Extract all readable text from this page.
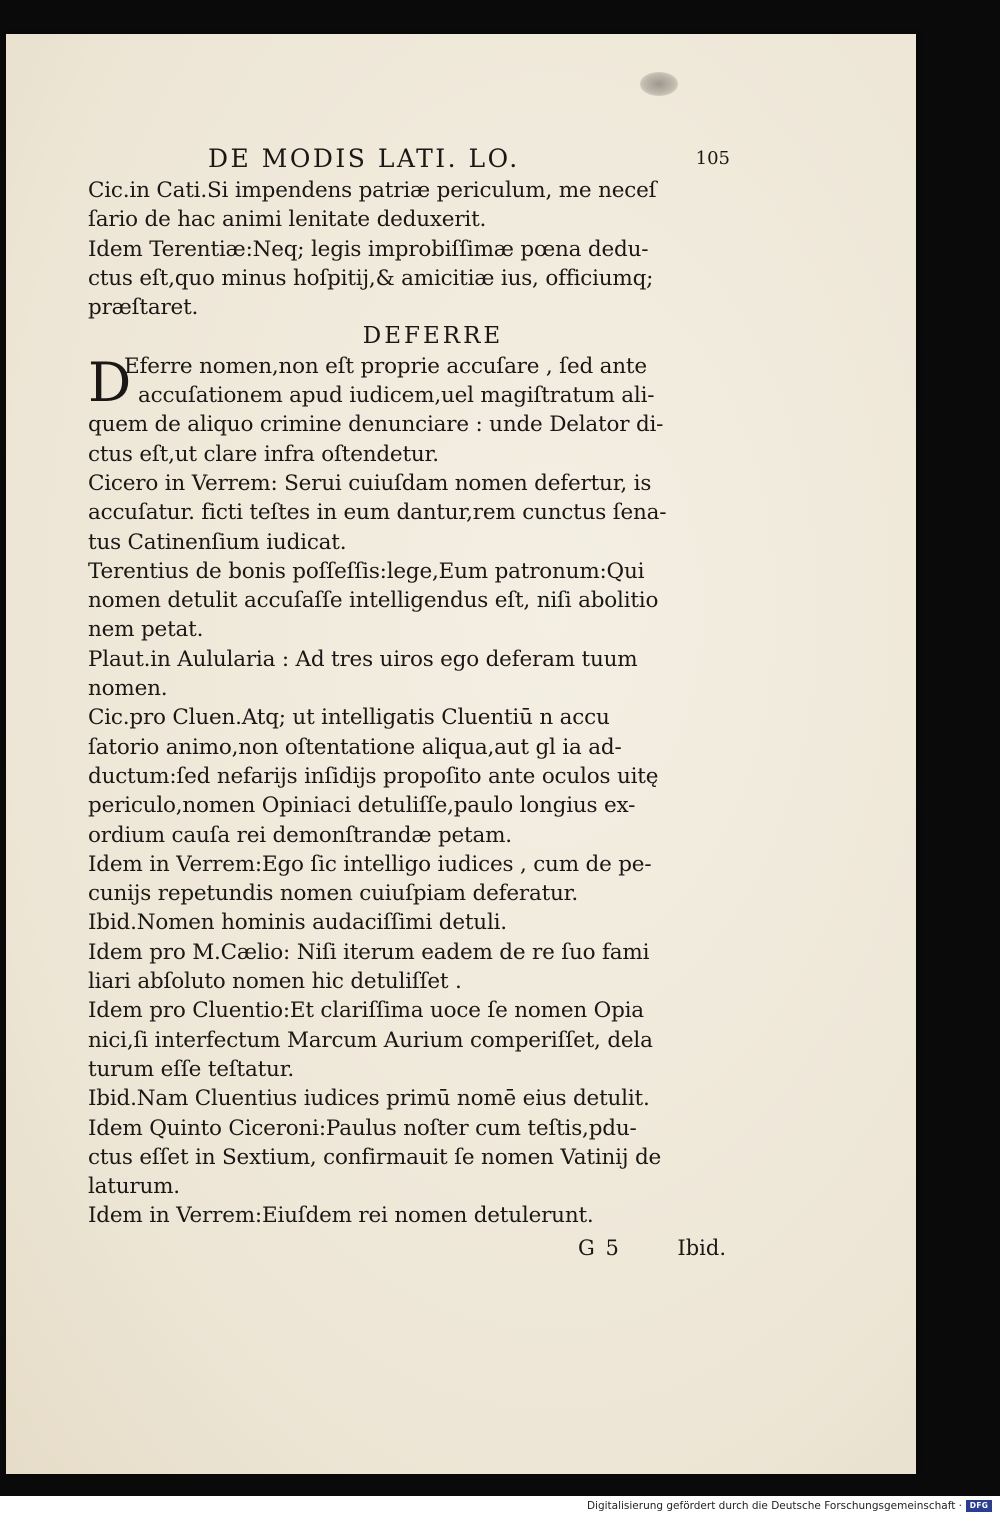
DE MODIS LATI. LO.	105
Cic.in Cati.Si impendens patriæ periculum, me neceſ
ſario de hac animi lenitate deduxerit.
Idem Terentiæ:Neq; legis improbiſſimæ pœna dedu-
ctus eſt,quo minus hoſpitij,& amicitiæ ius, officiumq;
præſtaret.
DEFERRE
D
Eferre nomen,non eſt proprie accuſare , ſed ante
accuſationem apud iudicem,uel magiſtratum ali-
quem de aliquo crimine denunciare : unde Delator di-
ctus eſt,ut clare infra oſtendetur.
Cicero in Verrem: Serui cuiuſdam nomen defertur, is
accuſatur. ficti teſtes in eum dantur,rem cunctus ſena-
tus Catinenſium iudicat.
Terentius de bonis poſſeſſis:lege,Eum patronum:Qui
nomen detulit accuſaſſe intelligendus eſt, niſi abolitio
nem petat.
Plaut.in Aulularia : Ad tres uiros ego deferam tuum
nomen.
Cic.pro Cluen.Atq; ut intelligatis Cluentiū n accu
ſatorio animo,non oſtentatione aliqua,aut gl ia ad-
ductum:ſed nefarijs inſidijs propoſito ante oculos uitę
periculo,nomen Opiniaci detuliſſe,paulo longius ex-
ordium cauſa rei demonſtrandæ petam.
Idem in Verrem:Ego ſic intelligo iudices , cum de pe-
cunijs repetundis nomen cuiuſpiam deferatur.
Ibid.Nomen hominis audaciſſimi detuli.
Idem pro M.Cælio: Niſi iterum eadem de re ſuo fami
liari abſoluto nomen hic detuliſſet .
Idem pro Cluentio:Et clariſſima uoce ſe nomen Opia
nici,ſi interfectum Marcum Aurium comperiſſet, dela
turum eſſe teſtatur.
Ibid.Nam Cluentius iudices primū nomē eius detulit.
Idem Quinto Ciceroni:Paulus noſter cum teſtis,pdu-
ctus eſſet in Sextium, confirmauit ſe nomen Vatinij de
laturum.
Idem in Verrem:Eiuſdem rei nomen detulerunt.
G 5	Ibid.
Digitalisierung gefördert durch die Deutsche Forschungsgemeinschaft ·	DFG
